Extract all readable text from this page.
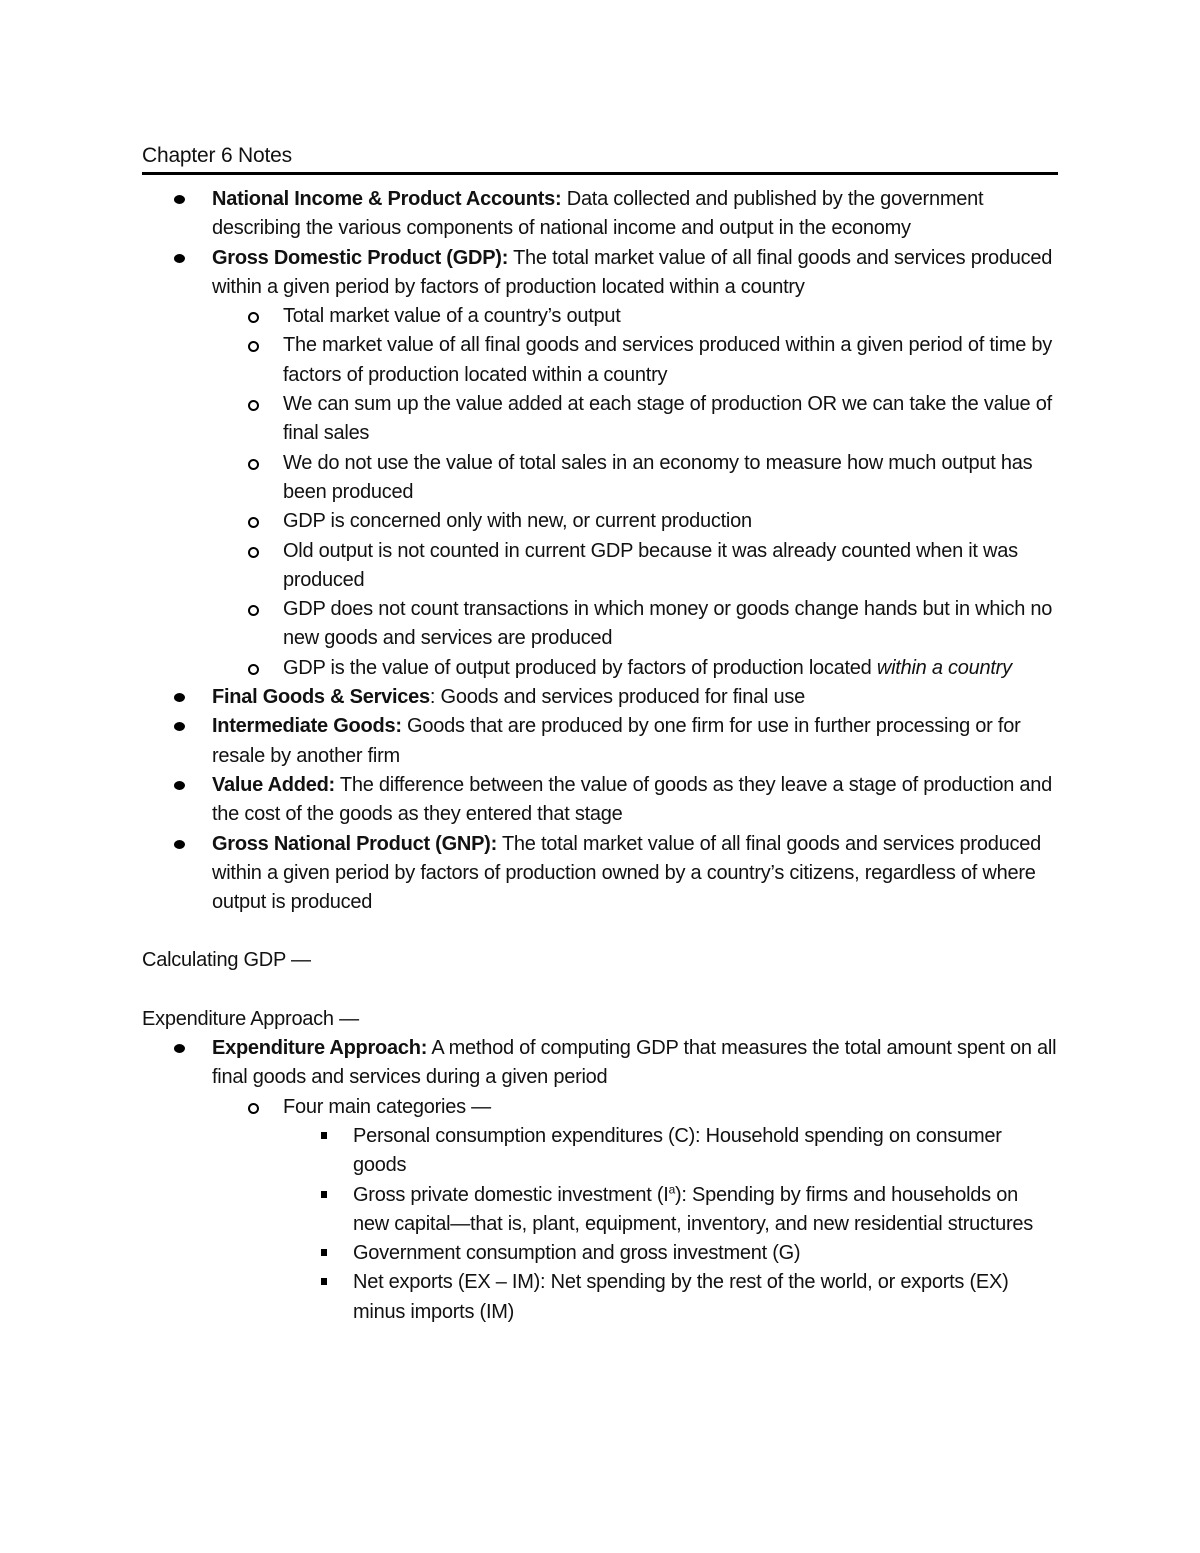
Chapter 6 Notes
National Income & Product Accounts: Data collected and published by the government describing the various components of national income and output in the economy
Gross Domestic Product (GDP): The total market value of all final goods and services produced within a given period by factors of production located within a country
Total market value of a country’s output
The market value of all final goods and services produced within a given period of time by factors of production located within a country
We can sum up the value added at each stage of production OR we can take the value of final sales
We do not use the value of total sales in an economy to measure how much output has been produced
GDP is concerned only with new, or current production
Old output is not counted in current GDP because it was already counted when it was produced
GDP does not count transactions in which money or goods change hands but in which no new goods and services are produced
GDP is the value of output produced by factors of production located within a country
Final Goods & Services: Goods and services produced for final use
Intermediate Goods: Goods that are produced by one firm for use in further processing or for resale by another firm
Value Added: The difference between the value of goods as they leave a stage of production and the cost of the goods as they entered that stage
Gross National Product (GNP): The total market value of all final goods and services produced within a given period by factors of production owned by a country’s citizens, regardless of where output is produced
Calculating GDP —
Expenditure Approach —
Expenditure Approach: A method of computing GDP that measures the total amount spent on all final goods and services during a given period
Four main categories —
Personal consumption expenditures (C): Household spending on consumer goods
Gross private domestic investment $(I^a)$: Spending by firms and households on new capital—that is, plant, equipment, inventory, and new residential structures
Government consumption and gross investment (G)
Net exports (EX – IM): Net spending by the rest of the world, or exports (EX) minus imports (IM)
